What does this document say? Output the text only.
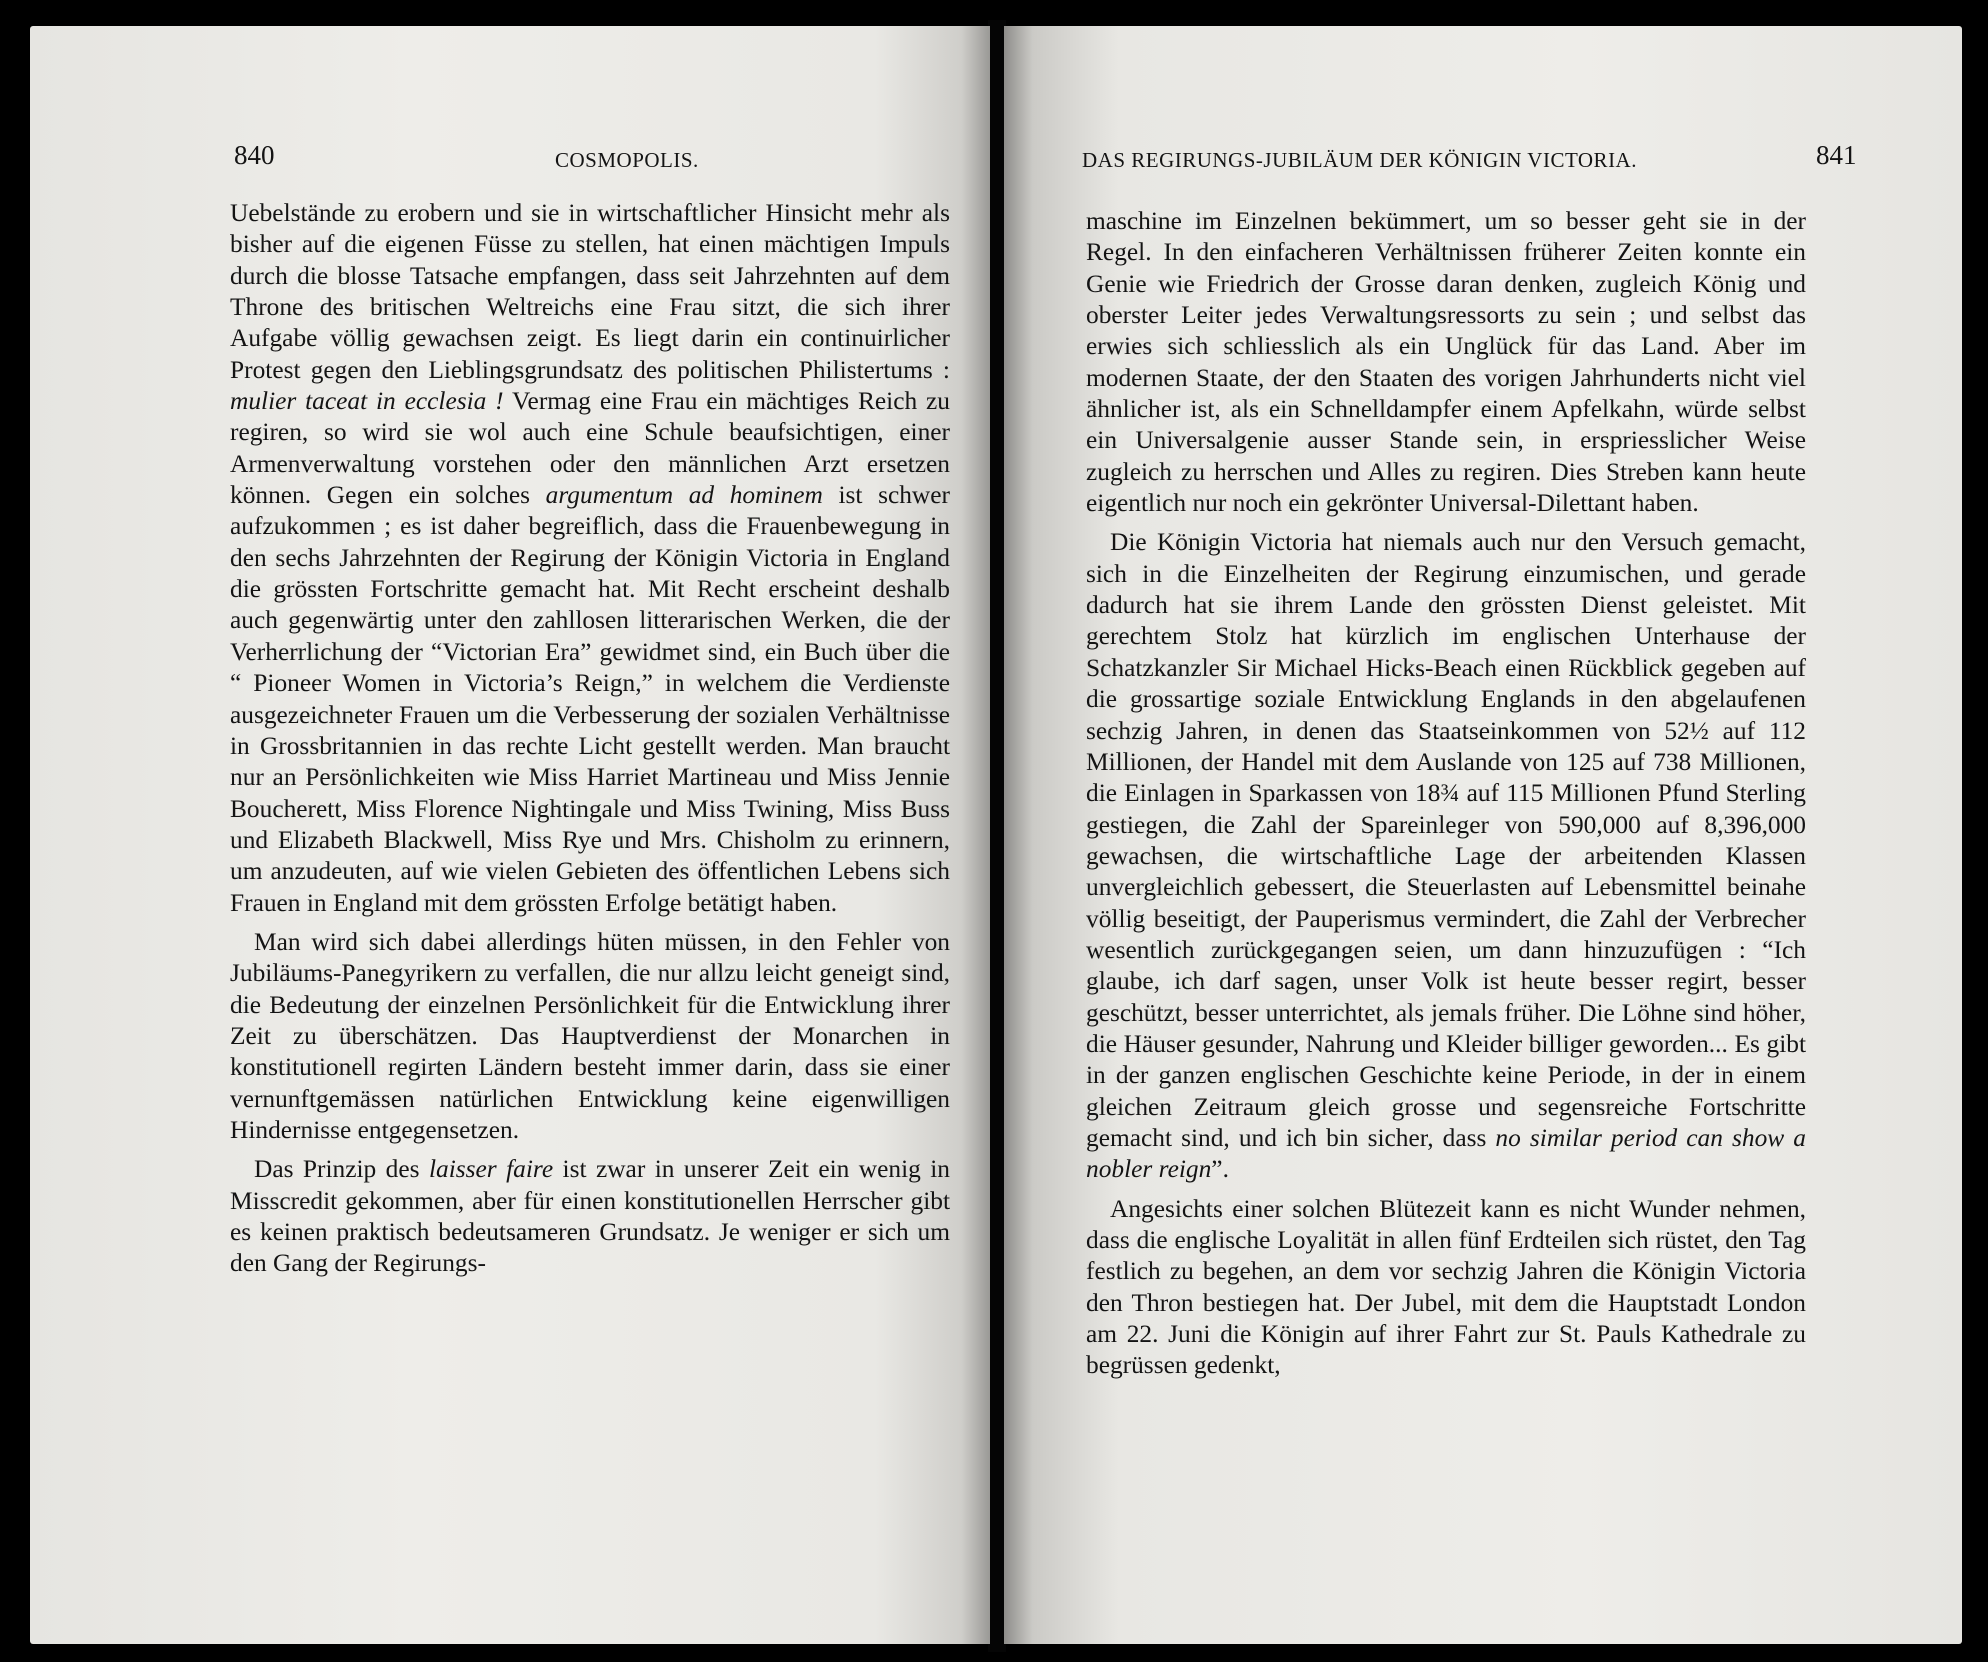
840	COSMOPOLIS.

Uebelstände zu erobern und sie in wirtschaftlicher Hinsicht mehr als bisher auf die eigenen Füsse zu stellen, hat einen mächtigen Impuls durch die blosse Tatsache empfangen, dass seit Jahrzehnten auf dem Throne des britischen Weltreichs eine Frau sitzt, die sich ihrer Aufgabe völlig gewachsen zeigt. Es liegt darin ein continuirlicher Protest gegen den Lieblingsgrundsatz des politischen Philistertums : mulier taceat in ecclesia ! Vermag eine Frau ein mächtiges Reich zu regiren, so wird sie wol auch eine Schule beaufsichtigen, einer Armenverwaltung vorstehen oder den männlichen Arzt ersetzen können. Gegen ein solches argumentum ad hominem ist schwer aufzukommen ; es ist daher begreiflich, dass die Frauenbewegung in den sechs Jahrzehnten der Regirung der Königin Victoria in England die grössten Fortschritte gemacht hat. Mit Recht erscheint deshalb auch gegenwärtig unter den zahllosen litterarischen Werken, die der Verherrlichung der “Victorian Era” gewidmet sind, ein Buch über die “ Pioneer Women in Victoria’s Reign,” in welchem die Verdienste ausgezeichneter Frauen um die Verbesserung der sozialen Verhältnisse in Grossbritannien in das rechte Licht gestellt werden. Man braucht nur an Persönlichkeiten wie Miss Harriet Martineau und Miss Jennie Boucherett, Miss Florence Nightingale und Miss Twining, Miss Buss und Elizabeth Blackwell, Miss Rye und Mrs. Chisholm zu erinnern, um anzudeuten, auf wie vielen Gebieten des öffentlichen Lebens sich Frauen in England mit dem grössten Erfolge betätigt haben.

Man wird sich dabei allerdings hüten müssen, in den Fehler von Jubiläums-Panegyrikern zu verfallen, die nur allzu leicht geneigt sind, die Bedeutung der einzelnen Persönlichkeit für die Entwicklung ihrer Zeit zu überschätzen. Das Hauptverdienst der Monarchen in konstitutionell regirten Ländern besteht immer darin, dass sie einer vernunftgemässen natürlichen Entwicklung keine eigenwilligen Hindernisse entgegensetzen.

Das Prinzip des laisser faire ist zwar in unserer Zeit ein wenig in Misscredit gekommen, aber für einen konstitutionellen Herrscher gibt es keinen praktisch bedeutsameren Grundsatz. Je weniger er sich um den Gang der Regirungs-

DAS REGIRUNGS-JUBILÄUM DER KÖNIGIN VICTORIA.	841

maschine im Einzelnen bekümmert, um so besser geht sie in der Regel. In den einfacheren Verhältnissen früherer Zeiten konnte ein Genie wie Friedrich der Grosse daran denken, zugleich König und oberster Leiter jedes Verwaltungsressorts zu sein ; und selbst das erwies sich schliesslich als ein Unglück für das Land. Aber im modernen Staate, der den Staaten des vorigen Jahrhunderts nicht viel ähnlicher ist, als ein Schnelldampfer einem Apfelkahn, würde selbst ein Universalgenie ausser Stande sein, in erspriesslicher Weise zugleich zu herrschen und Alles zu regiren. Dies Streben kann heute eigentlich nur noch ein gekrönter Universal-Dilettant haben.

Die Königin Victoria hat niemals auch nur den Versuch gemacht, sich in die Einzelheiten der Regirung einzumischen, und gerade dadurch hat sie ihrem Lande den grössten Dienst geleistet. Mit gerechtem Stolz hat kürzlich im englischen Unterhause der Schatzkanzler Sir Michael Hicks-Beach einen Rückblick gegeben auf die grossartige soziale Entwicklung Englands in den abgelaufenen sechzig Jahren, in denen das Staatseinkommen von 52½ auf 112 Millionen, der Handel mit dem Auslande von 125 auf 738 Millionen, die Einlagen in Sparkassen von 18¾ auf 115 Millionen Pfund Sterling gestiegen, die Zahl der Spareinleger von 590,000 auf 8,396,000 gewachsen, die wirtschaftliche Lage der arbeitenden Klassen unvergleichlich gebessert, die Steuerlasten auf Lebensmittel beinahe völlig beseitigt, der Pauperismus vermindert, die Zahl der Verbrecher wesentlich zurückgegangen seien, um dann hinzuzufügen : “Ich glaube, ich darf sagen, unser Volk ist heute besser regirt, besser geschützt, besser unterrichtet, als jemals früher. Die Löhne sind höher, die Häuser gesunder, Nahrung und Kleider billiger geworden... Es gibt in der ganzen englischen Geschichte keine Periode, in der in einem gleichen Zeitraum gleich grosse und segensreiche Fortschritte gemacht sind, und ich bin sicher, dass no similar period can show a nobler reign”.

Angesichts einer solchen Blütezeit kann es nicht Wunder nehmen, dass die englische Loyalität in allen fünf Erdteilen sich rüstet, den Tag festlich zu begehen, an dem vor sechzig Jahren die Königin Victoria den Thron bestiegen hat. Der Jubel, mit dem die Hauptstadt London am 22. Juni die Königin auf ihrer Fahrt zur St. Pauls Kathedrale zu begrüssen gedenkt,
